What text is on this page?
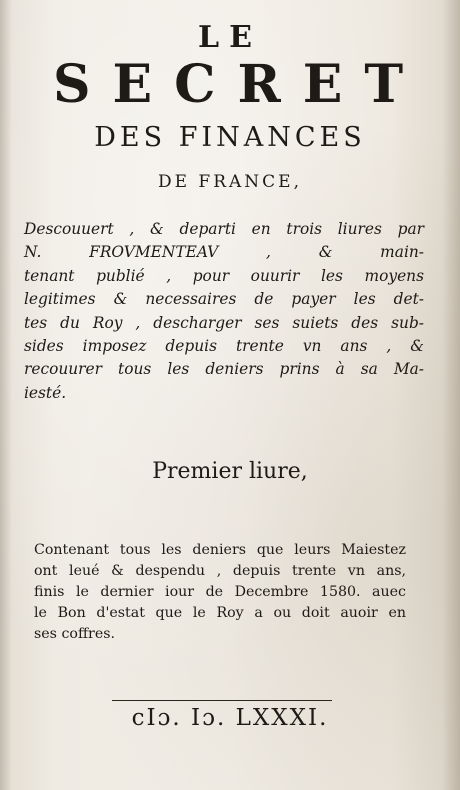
LE
SECRET
DES FINANCES
DE FRANCE,
Descouuert , & departi en trois liures par
N. FROVMENTEAV , & main-
tenant publié , pour ouurir les moyens
legitimes & necessaires de payer les det-
tes du Roy , descharger ses suiets des sub-
sides imposez depuis trente vn ans , &
recouurer tous les deniers prins à sa Ma-
iesté.
Premier liure,
Contenant tous les deniers que leurs Maiestez
ont leué & despendu , depuis trente vn ans,
finis le dernier iour de Decembre 1580. auec
le Bon d'estat que le Roy a ou doit auoir en
ses coffres.
cIɔ. Iɔ. LXXXI.
